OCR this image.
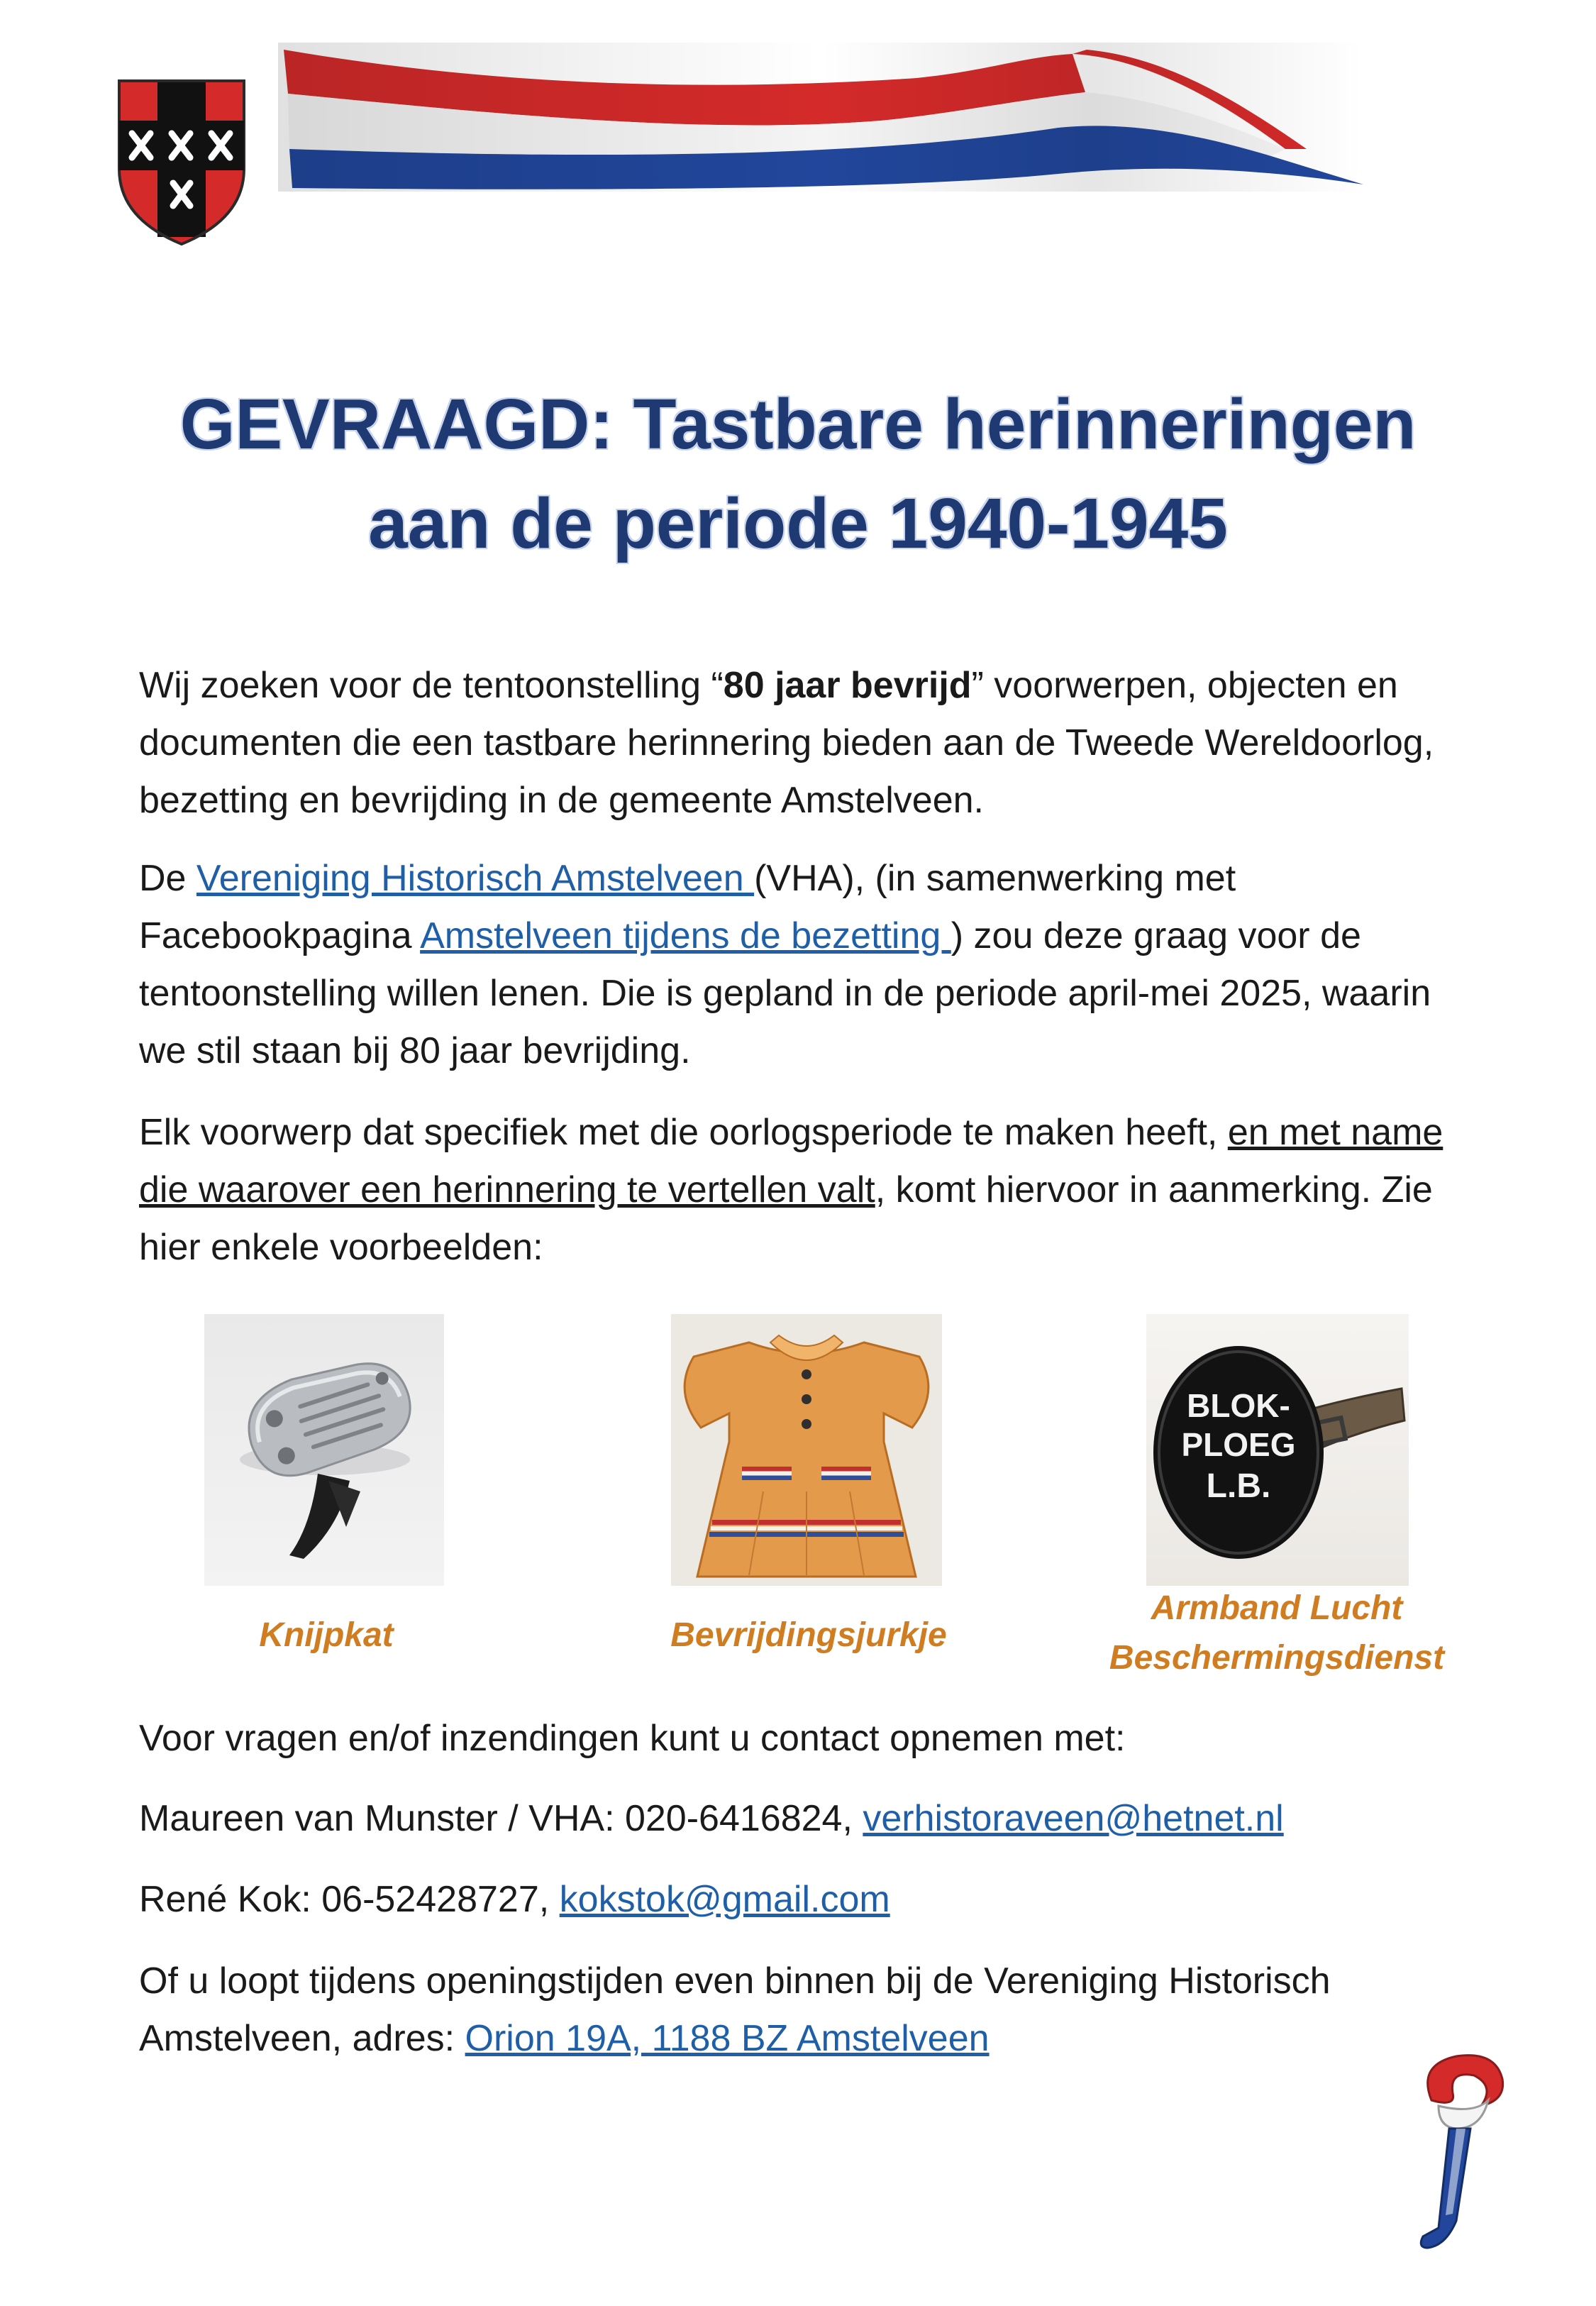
GEVRAAGD: Tastbare herinneringen
aan de periode 1940-1945
Wij zoeken voor de tentoonstelling “80 jaar bevrijd” voorwerpen, objecten en documenten die een tastbare herinnering bieden aan de Tweede Wereldoorlog, bezetting en bevrijding in de gemeente Amstelveen.
De Vereniging Historisch Amstelveen (VHA), (in samenwerking met Facebookpagina Amstelveen tijdens de bezetting ) zou deze graag voor de tentoonstelling willen lenen. Die is gepland in de periode april-mei 2025, waarin we stil staan bij 80 jaar bevrijding.
Elk voorwerp dat specifiek met die oorlogsperiode te maken heeft, en met name die waarover een herinnering te vertellen valt, komt hiervoor in aanmerking. Zie hier enkele voorbeelden:
BLOK-
PLOEG
L.B.
Knijpkat	Bevrijdingsjurkje
Armband Lucht
Beschermingsdienst
Voor vragen en/of inzendingen kunt u contact opnemen met:
Maureen van Munster / VHA: 020-6416824, verhistoraveen@hetnet.nl
René Kok: 06-52428727, kokstok@gmail.com
Of u loopt tijdens openingstijden even binnen bij de Vereniging Historisch Amstelveen, adres: Orion 19A, 1188 BZ Amstelveen
